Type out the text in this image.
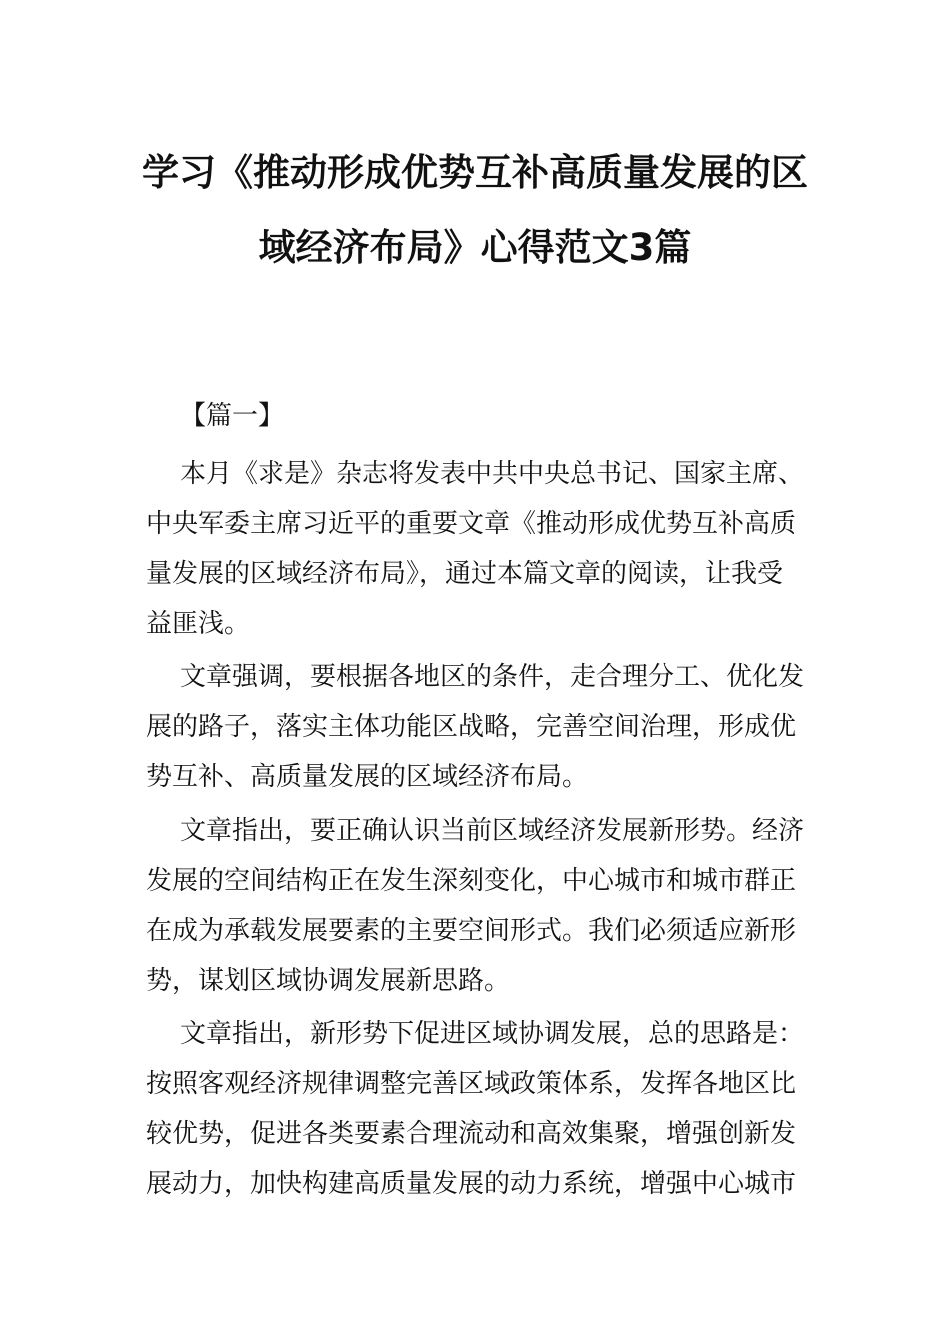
学习《推动形成优势互补高质量发展的区
域经济布局》心得范文3篇
【篇一】
本月《求是》杂志将发表中共中央总书记、国家主席、
中央军委主席习近平的重要文章《推动形成优势互补高质
量发展的区域经济布局》，通过本篇文章的阅读，让我受
益匪浅。
文章强调，要根据各地区的条件，走合理分工、优化发
展的路子，落实主体功能区战略，完善空间治理，形成优
势互补、高质量发展的区域经济布局。
文章指出，要正确认识当前区域经济发展新形势。经济
发展的空间结构正在发生深刻变化，中心城市和城市群正
在成为承载发展要素的主要空间形式。我们必须适应新形
势，谋划区域协调发展新思路。
文章指出，新形势下促进区域协调发展，总的思路是：
按照客观经济规律调整完善区域政策体系，发挥各地区比
较优势，促进各类要素合理流动和高效集聚，增强创新发
展动力，加快构建高质量发展的动力系统，增强中心城市
